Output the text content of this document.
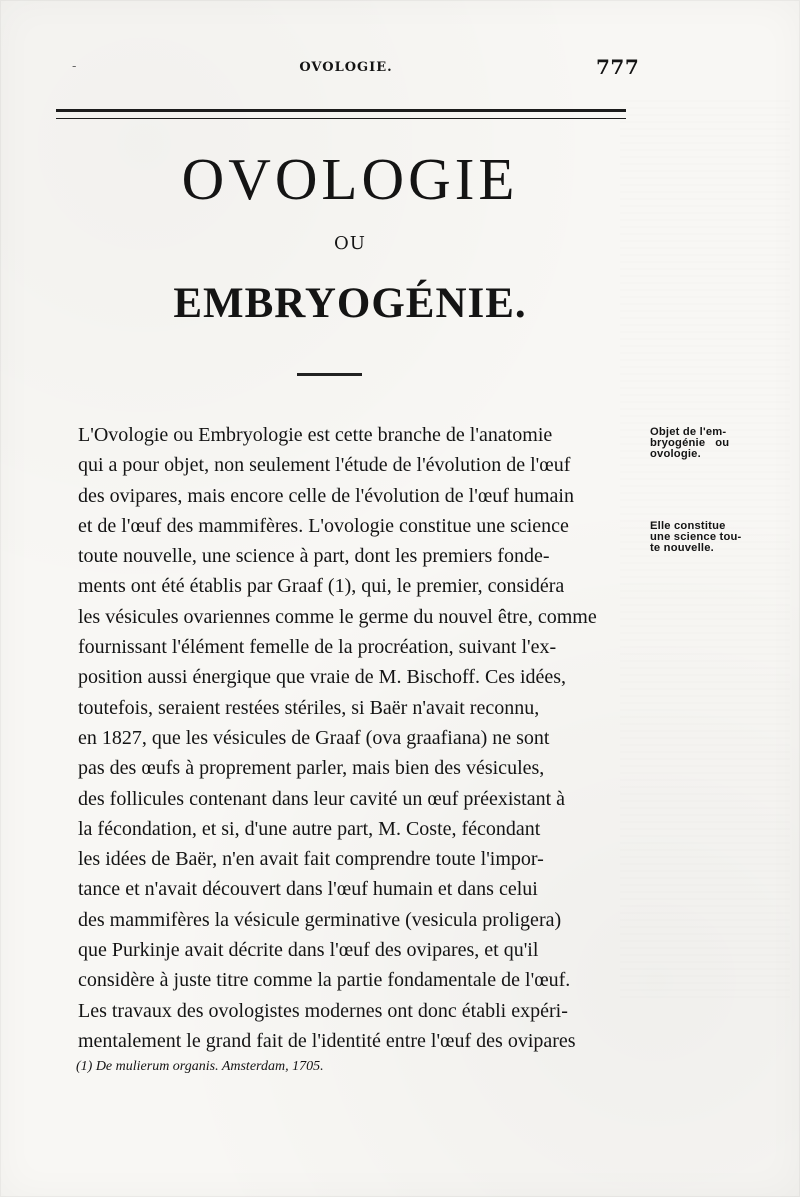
-	OVOLOGIE.	777
OVOLOGIE
OU
EMBRYOGÉNIE.
L'Ovologie ou Embryologie est cette branche de l'anatomie
qui a pour objet, non seulement l'étude de l'évolution de l'œuf
des ovipares, mais encore celle de l'évolution de l'œuf humain
et de l'œuf des mammifères. L'ovologie constitue une science
toute nouvelle, une science à part, dont les premiers fonde-
ments ont été établis par Graaf (1), qui, le premier, considéra
les vésicules ovariennes comme le germe du nouvel être, comme
fournissant l'élément femelle de la procréation, suivant l'ex-
position aussi énergique que vraie de M. Bischoff. Ces idées,
toutefois, seraient restées stériles, si Baër n'avait reconnu,
en 1827, que les vésicules de Graaf (ova graafiana) ne sont
pas des œufs à proprement parler, mais bien des vésicules,
des follicules contenant dans leur cavité un œuf préexistant à
la fécondation, et si, d'une autre part, M. Coste, fécondant
les idées de Baër, n'en avait fait comprendre toute l'impor-
tance et n'avait découvert dans l'œuf humain et dans celui
des mammifères la vésicule germinative (vesicula proligera)
que Purkinje avait décrite dans l'œuf des ovipares, et qu'il
considère à juste titre comme la partie fondamentale de l'œuf.
Les travaux des ovologistes modernes ont donc établi expéri-
mentalement le grand fait de l'identité entre l'œuf des ovipares
Objet de l'em-
bryogénie   ou
ovologie.
Elle constitue
une science tou-
te nouvelle.
(1) De mulierum organis. Amsterdam, 1705.
